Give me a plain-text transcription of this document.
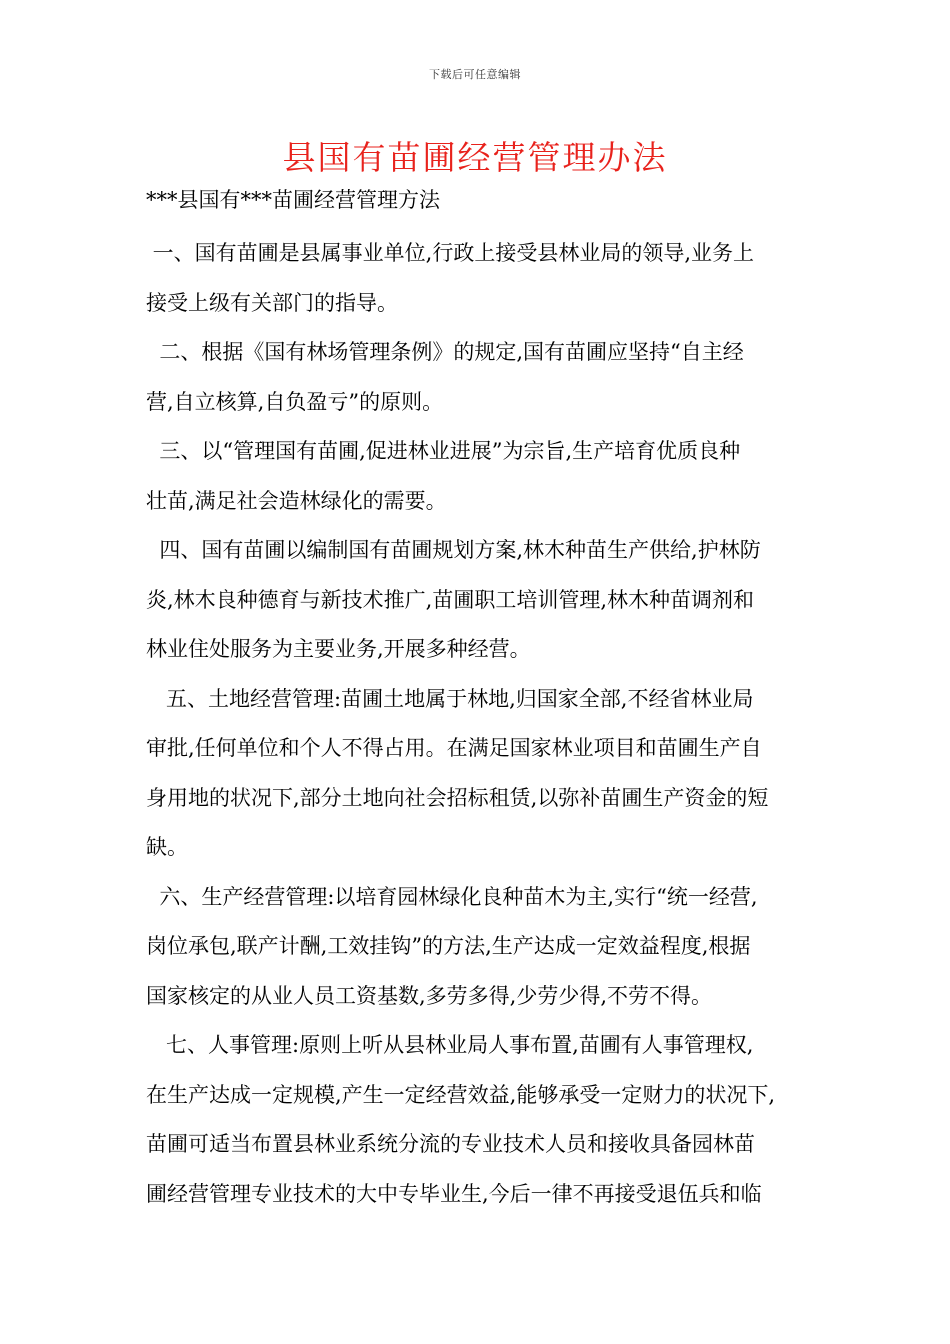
下载后可任意编辑
县国有苗圃经营管理办法
***县国有***苗圃经营管理方法
一、国有苗圃是县属事业单位,行政上接受县林业局的领导,业务上
接受上级有关部门的指导。
二、根据《国有林场管理条例》的规定,国有苗圃应坚持“自主经
营,自立核算,自负盈亏”的原则。
三、以“管理国有苗圃,促进林业进展”为宗旨,生产培育优质良种
壮苗,满足社会造林绿化的需要。
四、国有苗圃以编制国有苗圃规划方案,林木种苗生产供给,护林防
炎,林木良种德育与新技术推广,苗圃职工培训管理,林木种苗调剂和
林业住处服务为主要业务,开展多种经营。
五、土地经营管理:苗圃土地属于林地,归国家全部,不经省林业局
审批,任何单位和个人不得占用。在满足国家林业项目和苗圃生产自
身用地的状况下,部分土地向社会招标租赁,以弥补苗圃生产资金的短
缺。
六、生产经营管理:以培育园林绿化良种苗木为主,实行“统一经营,
岗位承包,联产计酬,工效挂钩”的方法,生产达成一定效益程度,根据
国家核定的从业人员工资基数,多劳多得,少劳少得,不劳不得。
七、人事管理:原则上听从县林业局人事布置,苗圃有人事管理权,
在生产达成一定规模,产生一定经营效益,能够承受一定财力的状况下,
苗圃可适当布置县林业系统分流的专业技术人员和接收具备园林苗
圃经营管理专业技术的大中专毕业生,今后一律不再接受退伍兵和临
